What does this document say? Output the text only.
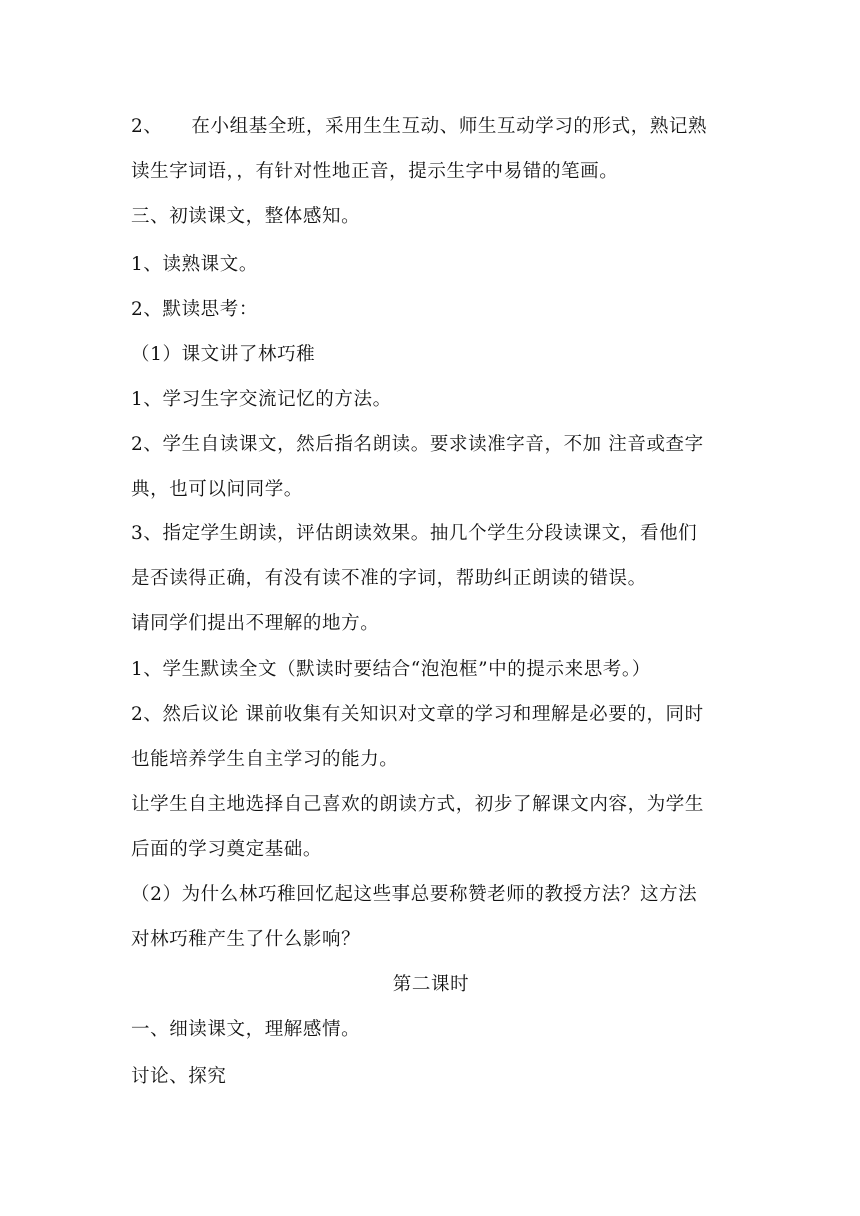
2、　　在小组基全班，采用生生互动、师生互动学习的形式，熟记熟
读生字词语，，有针对性地正音，提示生字中易错的笔画。
三、初读课文，整体感知。
1、读熟课文。
2、默读思考：
（1）课文讲了林巧稚
1、学习生字交流记忆的方法。
2、学生自读课文，然后指名朗读。要求读准字音，不加 注音或查字
典，也可以问同学。
3、指定学生朗读，评估朗读效果。抽几个学生分段读课文，看他们
是否读得正确，有没有读不准的字词，帮助纠正朗读的错误。
请同学们提出不理解的地方。
1、学生默读全文（默读时要结合“泡泡框”中的提示来思考。）
2、然后议论 课前收集有关知识对文章的学习和理解是必要的，同时
也能培养学生自主学习的能力。
让学生自主地选择自己喜欢的朗读方式，初步了解课文内容，为学生
后面的学习奠定基础。
（2）为什么林巧稚回忆起这些事总要称赞老师的教授方法？这方法
对林巧稚产生了什么影响？
第二课时
一、细读课文，理解感情。
讨论、探究
